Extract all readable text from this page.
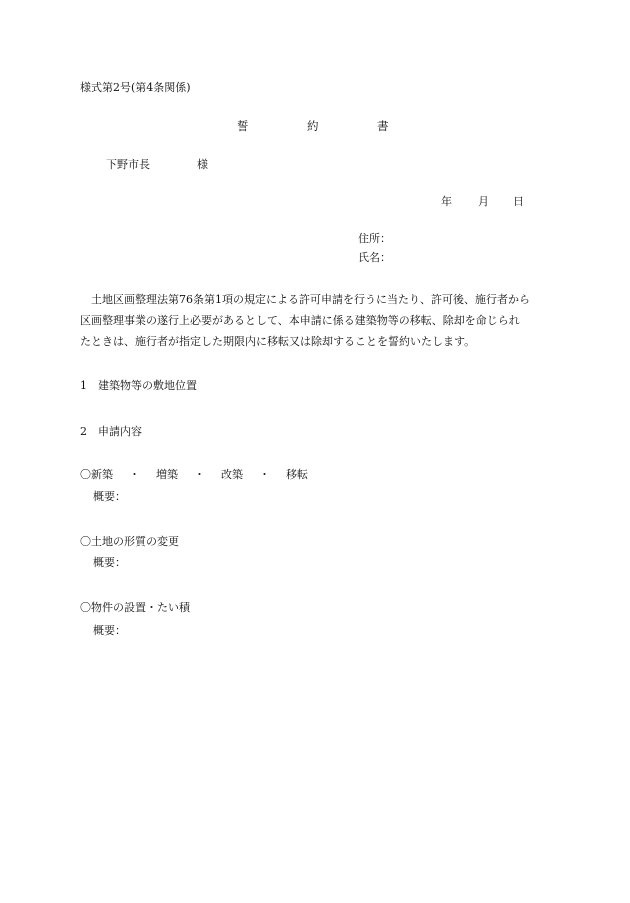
様式第2号(第4条関係)
誓	約	書
下野市長	様
年 月 日
住所：
氏名：

　土地区画整理法第76条第1項の規定による許可申請を行うに当たり、許可後、施行者から
区画整理事業の遂行上必要があるとして、本申請に係る建築物等の移転、除却を命じられ
たときは、施行者が指定した期限内に移転又は除却することを誓約いたします。

1　建築物等の敷地位置
2　申請内容
〇新築 ・ 増築 ・ 改築 ・ 移転
概要：
〇土地の形質の変更
概要：
〇物件の設置・たい積
概要：
